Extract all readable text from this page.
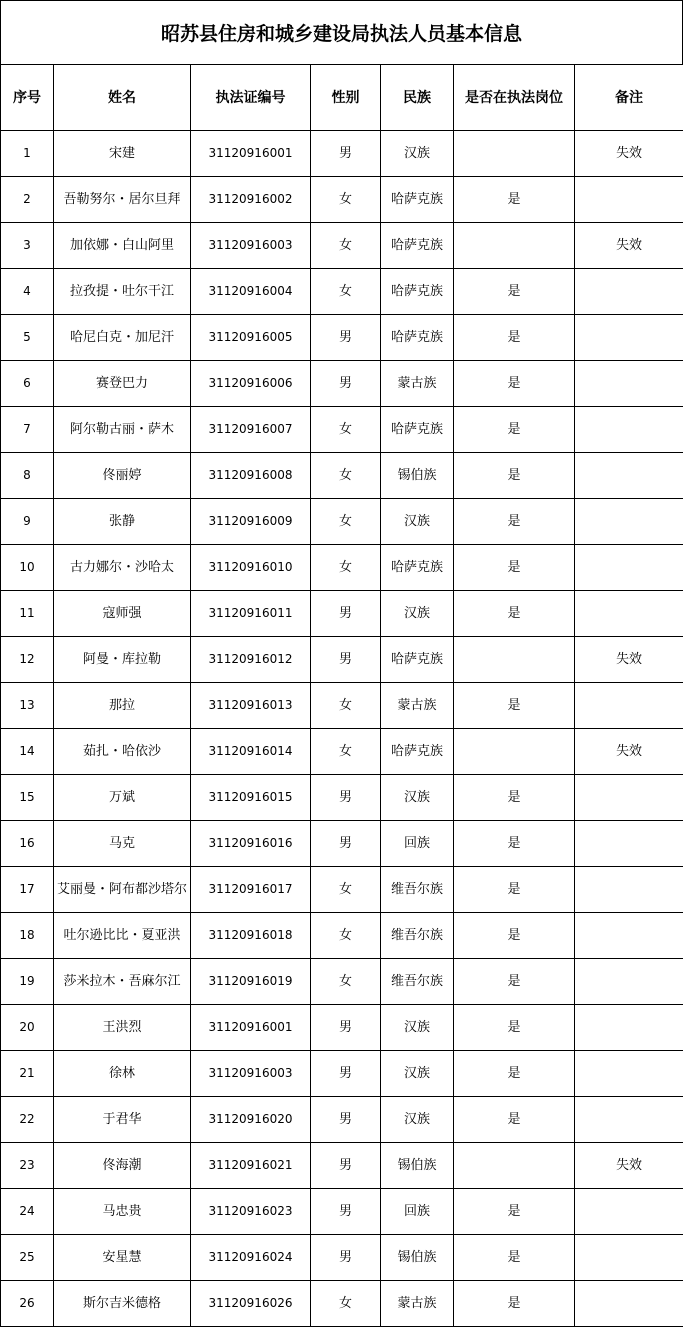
昭苏县住房和城乡建设局执法人员基本信息
序号	姓名	执法证编号	性别	民族	是否在执法岗位	备注
1	宋建	31120916001	男	汉族		失效
2	吾勒努尔・居尔旦拜	31120916002	女	哈萨克族	是	
3	加依娜・白山阿里	31120916003	女	哈萨克族		失效
4	拉孜提・吐尔干江	31120916004	女	哈萨克族	是	
5	哈尼白克・加尼汗	31120916005	男	哈萨克族	是	
6	赛登巴力	31120916006	男	蒙古族	是	
7	阿尔勒古丽・萨木	31120916007	女	哈萨克族	是	
8	佟丽婷	31120916008	女	锡伯族	是	
9	张静	31120916009	女	汉族	是	
10	古力娜尔・沙哈太	31120916010	女	哈萨克族	是	
11	寇师强	31120916011	男	汉族	是	
12	阿曼・库拉勒	31120916012	男	哈萨克族		失效
13	那拉	31120916013	女	蒙古族	是	
14	茹扎・哈依沙	31120916014	女	哈萨克族		失效
15	万斌	31120916015	男	汉族	是	
16	马克	31120916016	男	回族	是	
17	艾丽曼・阿布都沙塔尔	31120916017	女	维吾尔族	是	
18	吐尔逊比比・夏亚洪	31120916018	女	维吾尔族	是	
19	莎米拉木・吾麻尔江	31120916019	女	维吾尔族	是	
20	王洪烈	31120916001	男	汉族	是	
21	徐林	31120916003	男	汉族	是	
22	于君华	31120916020	男	汉族	是	
23	佟海潮	31120916021	男	锡伯族		失效
24	马忠贵	31120916023	男	回族	是	
25	安星慧	31120916024	男	锡伯族	是	
26	斯尔吉米德格	31120916026	女	蒙古族	是	
